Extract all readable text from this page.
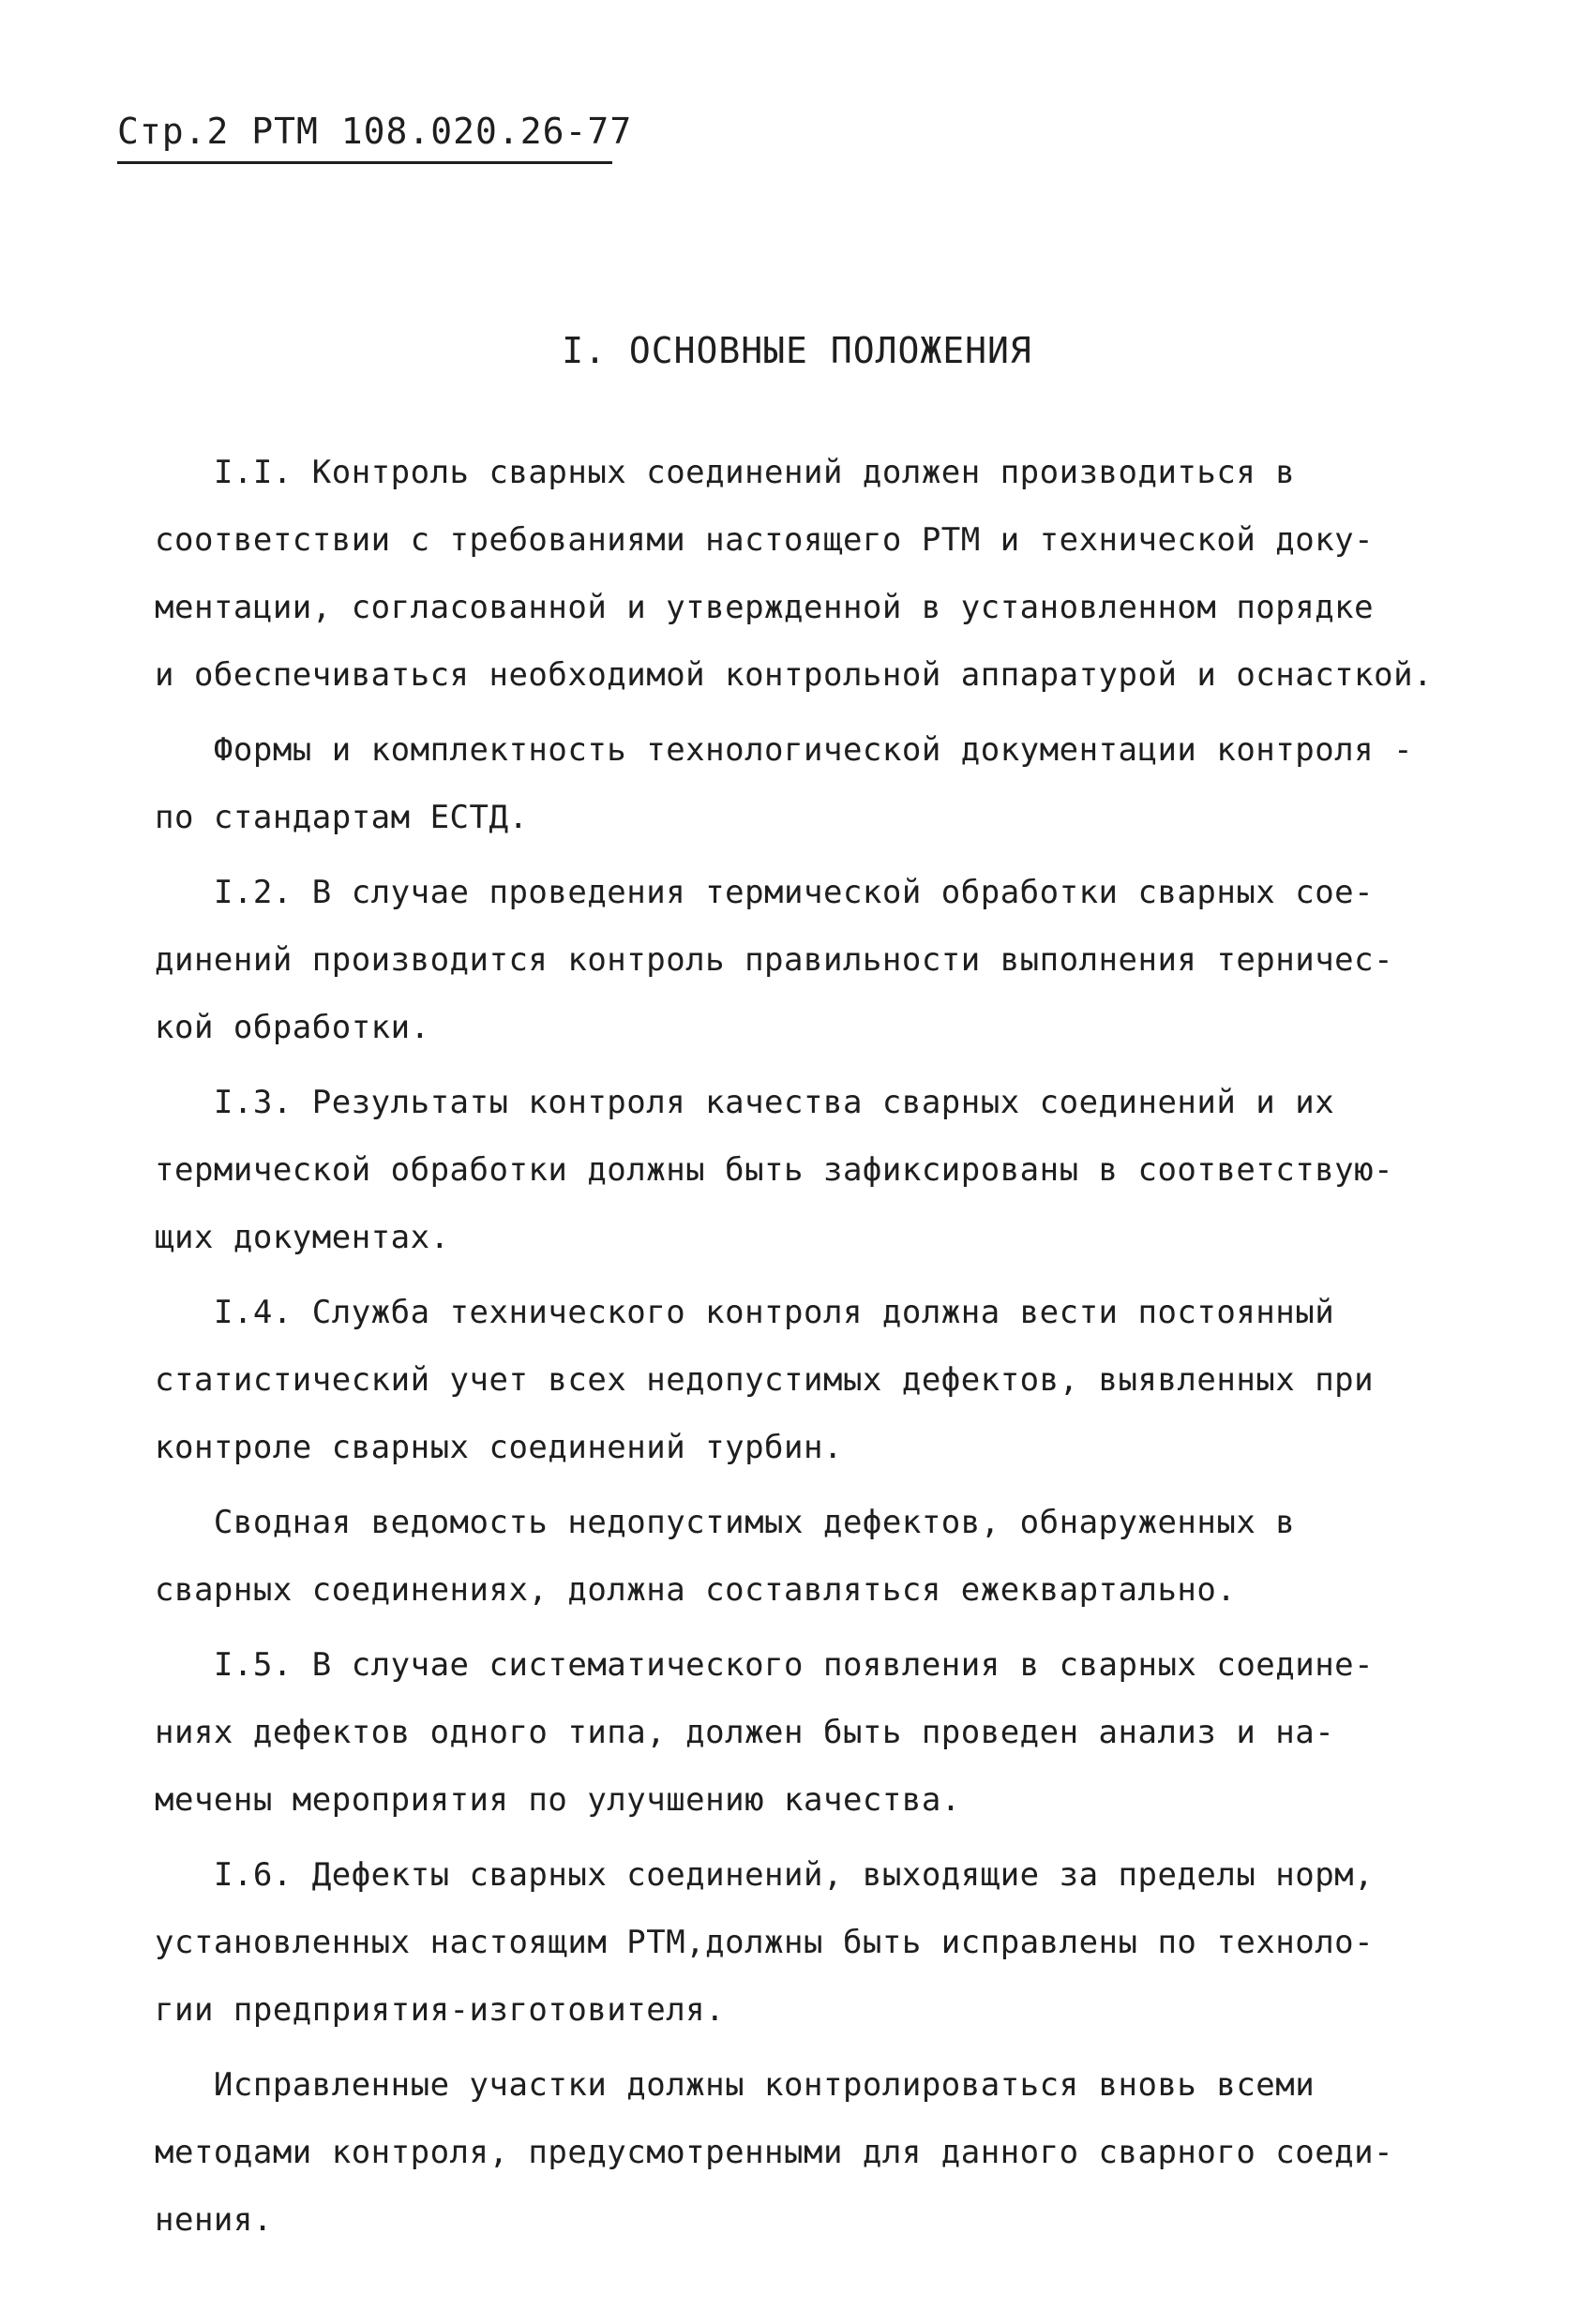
Стр.2 РТМ 108.020.26-77
I. ОСНОВНЫЕ ПОЛОЖЕНИЯ

I.I. Контроль сварных соединений должен производиться в
соответствии с требованиями настоящего РТМ и технической доку-
ментации, согласованной и утвержденной в установленном порядке
и обеспечиваться необходимой контрольной аппаратурой и оснасткой.

Формы и комплектность технологической документации контроля -
по стандартам ЕСТД.

I.2. В случае проведения термической обработки сварных сое-
динений производится контроль правильности выполнения терничес-
кой обработки.

I.3. Результаты контроля качества сварных соединений и их
термической обработки должны быть зафиксированы в соответствую-
щих документах.

I.4. Служба технического контроля должна вести постоянный
статистический учет всех недопустимых дефектов, выявленных при
контроле сварных соединений турбин.

Сводная ведомость недопустимых дефектов, обнаруженных в
сварных соединениях, должна составляться ежеквартально.

I.5. В случае систематического появления в сварных соедине-
ниях дефектов одного типа, должен быть проведен анализ и на-
мечены мероприятия по улучшению качества.

I.6. Дефекты сварных соединений, выходящие за пределы норм,
установленных настоящим РТМ,должны быть исправлены по техноло-
гии предприятия-изготовителя.

Исправленные участки должны контролироваться вновь всеми
методами контроля, предусмотренными для данного сварного соеди-
нения.
